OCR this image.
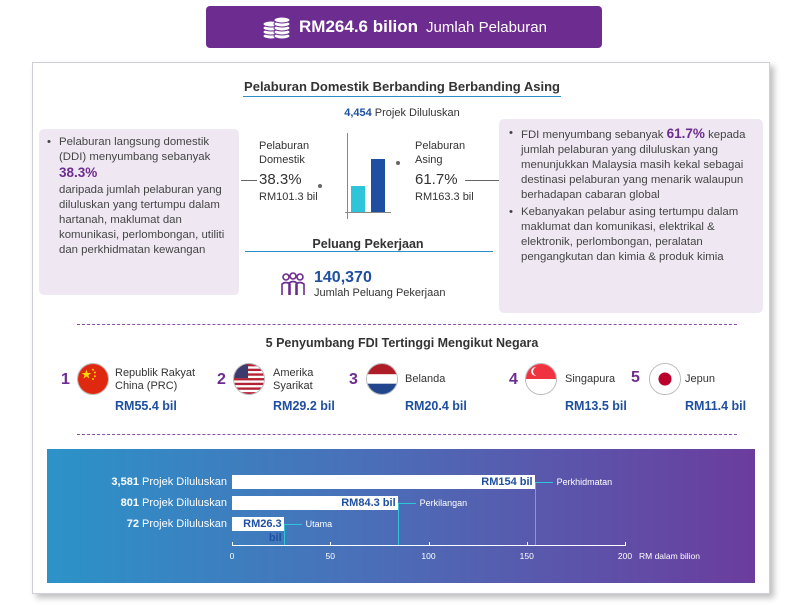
RM264.6 bilion Jumlah Pelaburan
Pelaburan Domestik Berbanding Berbanding Asing
4,454 Projek Diluluskan
• Pelaburan langsung domestik (DDI) menyumbang sebanyak 38.3%
daripada jumlah pelaburan yang diluluskan yang tertumpu dalam hartanah, maklumat dan komunikasi, perlombongan, utiliti dan perkhidmatan kewangan
Pelaburan
Domestik
38.3%
RM101.3 bil
Pelaburan
Asing
61.7%
RM163.3 bil
• FDI menyumbang sebanyak 61.7% kepada jumlah pelaburan yang diluluskan yang menunjukkan Malaysia masih kekal sebagai destinasi pelaburan yang menarik walaupun berhadapan cabaran global
• Kebanyakan pelabur asing tertumpu dalam maklumat dan komunikasi, elektrikal & elektronik, perlombongan, peralatan pengangkutan dan kimia & produk kimia
Peluang Pekerjaan
140,370
Jumlah Peluang Pekerjaan
5 Penyumbang FDI Tertinggi Mengikut Negara
1	Republik Rakyat
China (PRC)
RM55.4 bil
2	Amerika
Syarikat
RM29.2 bil
3	Belanda
RM20.4 bil
4	Singapura
RM13.5 bil
5	Jepun
RM11.4 bil
3,581 Projek Diluluskan	RM154 bil	Perkhidmatan
801 Projek Diluluskan	RM84.3 bil	Perkilangan
72 Projek Diluluskan	RM26.3 bil
Utama
0	50	100	150	200 RM dalam bilion
